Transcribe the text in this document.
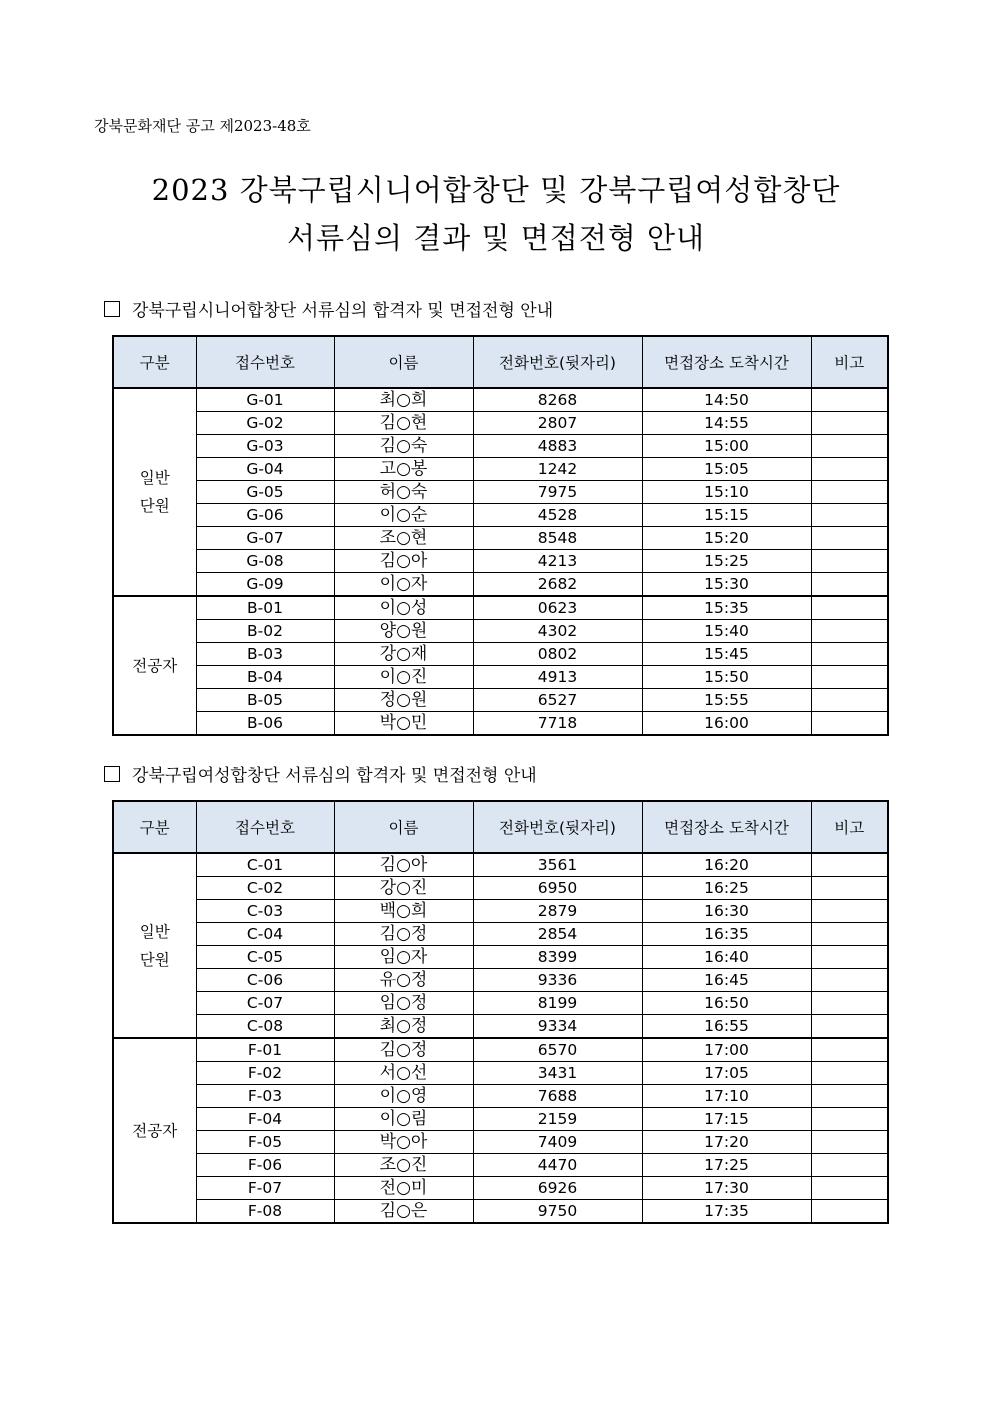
강북문화재단 공고 제2023-48호
2023 강북구립시니어합창단 및 강북구립여성합창단
서류심의 결과 및 면접전형 안내
강북구립시니어합창단 서류심의 합격자 및 면접전형 안내
구분	접수번호	이름	전화번호(뒷자리)	면접장소 도착시간	비고
일반
단원	G-01	최○희	8268	14:50	
	G-02	김○현	2807	14:55	
	G-03	김○숙	4883	15:00	
	G-04	고○봉	1242	15:05	
	G-05	허○숙	7975	15:10	
	G-06	이○순	4528	15:15	
	G-07	조○현	8548	15:20	
	G-08	김○아	4213	15:25	
	G-09	이○자	2682	15:30	
전공자	B-01	이○성	0623	15:35	
	B-02	양○원	4302	15:40	
	B-03	강○재	0802	15:45	
	B-04	이○진	4913	15:50	
	B-05	정○원	6527	15:55	
	B-06	박○민	7718	16:00	
강북구립여성합창단 서류심의 합격자 및 면접전형 안내
구분	접수번호	이름	전화번호(뒷자리)	면접장소 도착시간	비고
일반
단원	C-01	김○아	3561	16:20	
	C-02	강○진	6950	16:25	
	C-03	백○희	2879	16:30	
	C-04	김○정	2854	16:35	
	C-05	임○자	8399	16:40	
	C-06	유○정	9336	16:45	
	C-07	임○정	8199	16:50	
	C-08	최○정	9334	16:55	
전공자	F-01	김○정	6570	17:00	
	F-02	서○선	3431	17:05	
	F-03	이○영	7688	17:10	
	F-04	이○림	2159	17:15	
	F-05	박○아	7409	17:20	
	F-06	조○진	4470	17:25	
	F-07	전○미	6926	17:30	
	F-08	김○은	9750	17:35	
